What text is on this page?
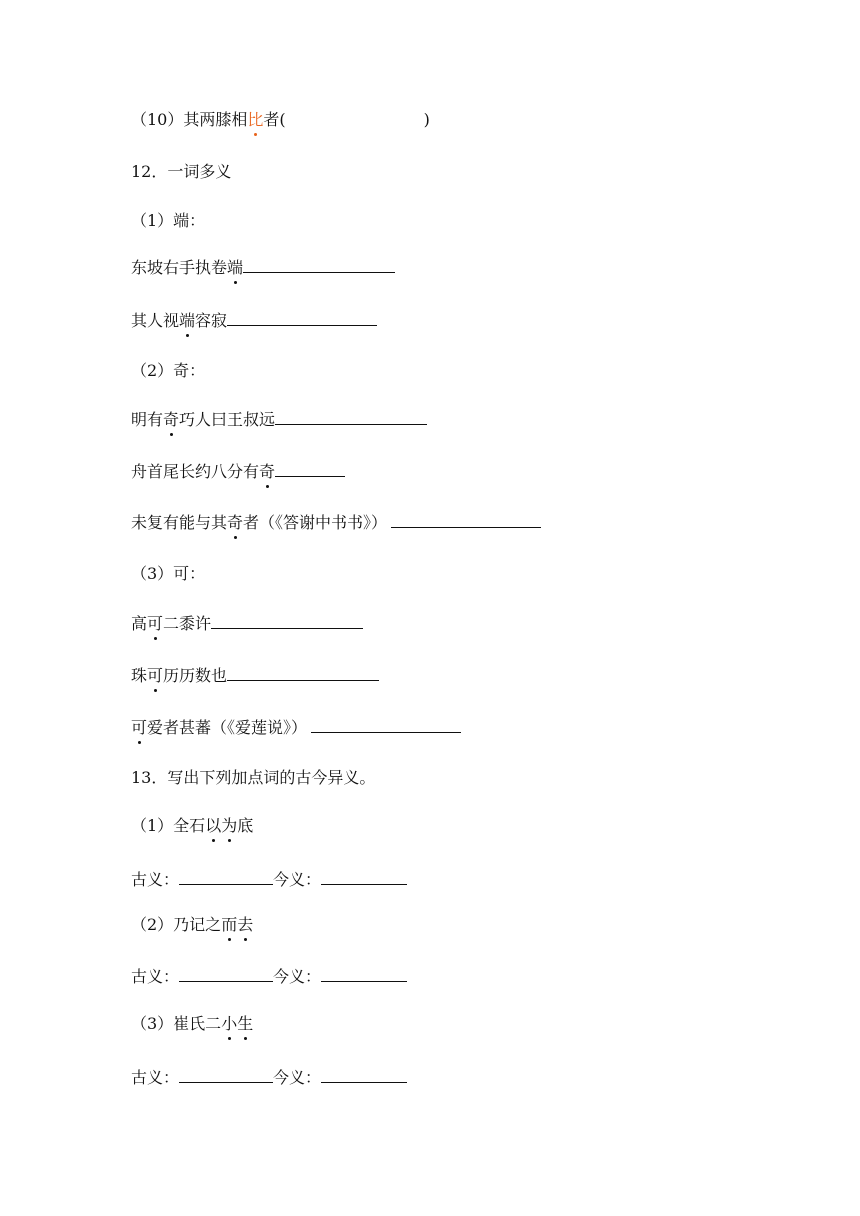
（10）其两膝相比者(	)
12．一词多义
（1）端：
东坡右手执卷端
其人视端容寂
（2）奇：
明有奇巧人曰王叔远
舟首尾长约八分有奇
未复有能与其奇者（《答谢中书书》）
（3）可：
高可二黍许
珠可历历数也
可爱者甚蕃（《爱莲说》）
13．写出下列加点词的古今异义。
（1）全石以为底
古义：	今义：
（2）乃记之而去
古义：	今义：
（3）崔氏二小生
古义：	今义：
